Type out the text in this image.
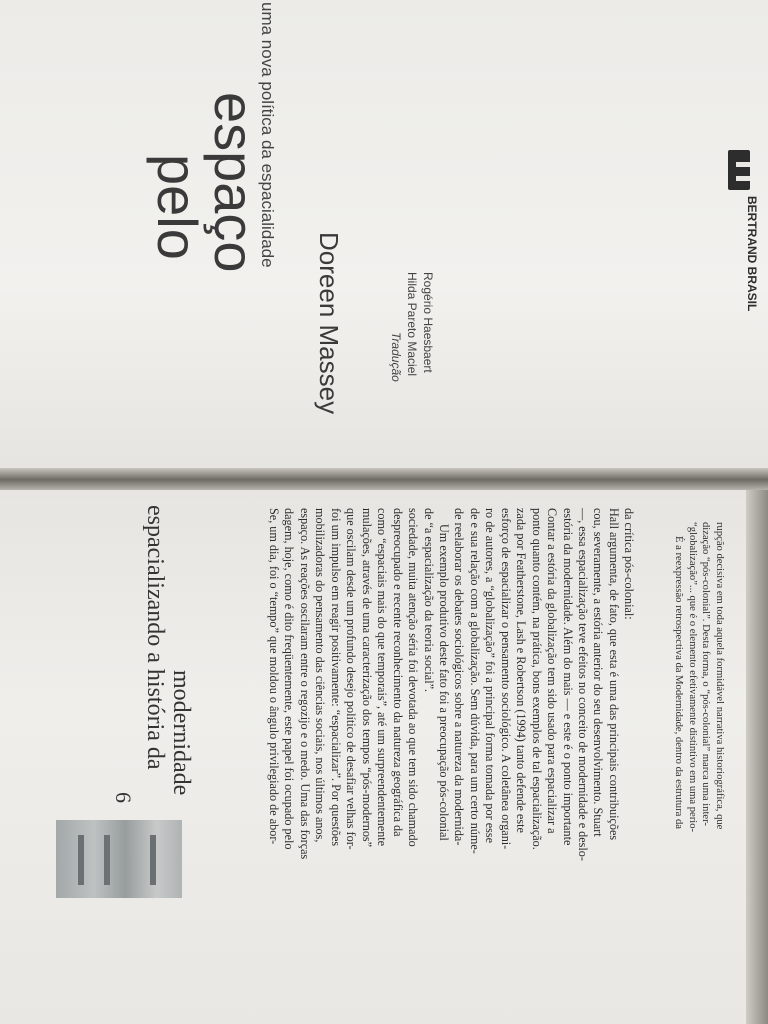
pelo
espaço
uma nova política da espacialidade
Doreen Massey	Tradução Hilda Pareto Maciel Rogério Haesbaert
BERTRAND BRASIL
6
espacializando a história da modernidade	Se, um dia, foi o “tempo” que moldou o ângulo privilegiado de abor- dagem, hoje, como é dito freqüentemente, este papel foi ocupado pelo espaço. As reações oscilaram entre o regozijo e o medo. Uma das forças mobilizadoras do pensamento das ciências sociais, nos últimos anos, foi um impulso em reagir positivamente: “espacializar”. Por questões que oscilam desde um profundo desejo político de desafiar velhas for- mulações, através de uma caracterização dos tempos “pós-modernos” como “espaciais mais do que temporais”, até um surpreendentemente despreocupado e recente reconhecimento da natureza geográfica da sociedade, muita atenção séria foi devotada ao que tem sido chamado de “a espacialização da teoria social”. Um exemplo produtivo deste fato foi a preocupação pós-colonial de reelaborar os debates sociológicos sobre a natureza da modernida- de e sua relação com a globalização. Sem dúvida, para um certo núme- ro de autores, a “globalização” foi a principal forma tomada por esse esforço de espacializar o pensamento sociológico. A coletânea organi- zada por Featherstone, Lash e Robertson (1994) tanto defende este ponto quanto contém, na prática, bons exemplos de tal espacialização. Contar a estória da globalização tem sido usado para espacializar a estória da modernidade. Além do mais — e este é o ponto importante —, essa espacialização teve efeitos no conceito de modernidade e deslo- cou, severamente, a estória anterior do seu desenvolvimento. Stuart Hall argumenta, de fato, que esta é uma das principais contribuições da crítica pós-colonial:	É a reexpressão retrospectiva da Modernidade, dentro da estrutura da “globalização”... que é o elemento efetivamente distintivo em uma perio- dização “pós-colonial”. Desta forma, o “pós-colonial” marca uma inter- rupção decisiva em toda aquela formidável narrativa historiográfica, que
